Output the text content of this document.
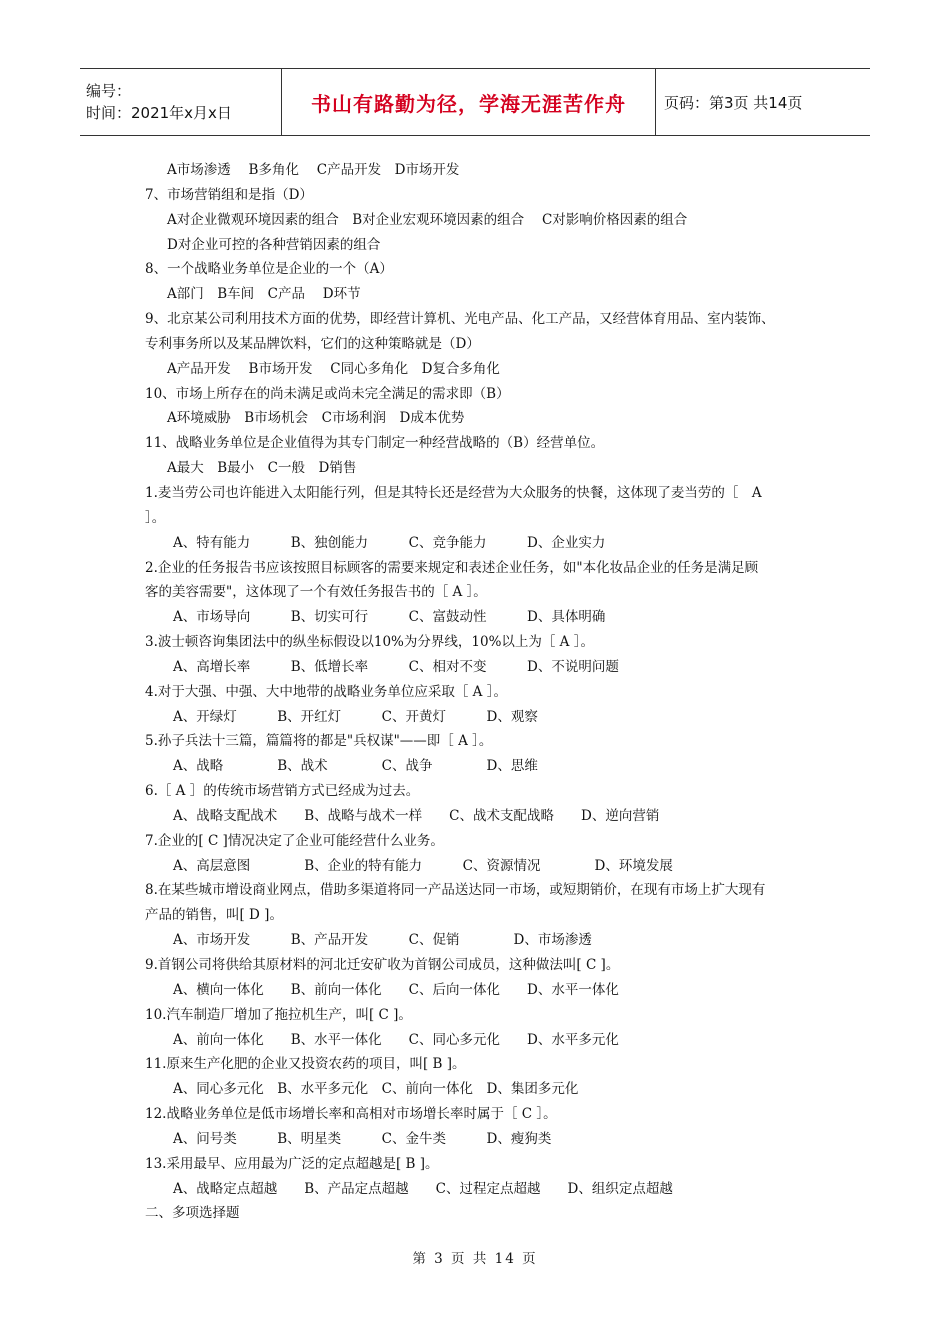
编号：
时间：2021年x月x日	书山有路勤为径，学海无涯苦作舟	页码：第3页 共14页
A市场渗透　 B多角化　 C产品开发　D市场开发
7、市场营销组和是指（D）
A对企业微观环境因素的组合　B对企业宏观环境因素的组合　 C对影响价格因素的组合
D对企业可控的各种营销因素的组合
8、一个战略业务单位是企业的一个（A）
A部门　B车间　C产品　 D环节
9、北京某公司利用技术方面的优势，即经营计算机、光电产品、化工产品，又经营体育用品、室内装饰、
专利事务所以及某品牌饮料，它们的这种策略就是（D）
A产品开发　 B市场开发　 C同心多角化　D复合多角化
10、市场上所存在的尚未满足或尚未完全满足的需求即（B）
A环境威胁　B市场机会　C市场利润　D成本优势
11、战略业务单位是企业值得为其专门制定一种经营战略的（B）经营单位。
A最大　B最小　C一般　D销售
1.麦当劳公司也许能进入太阳能行列，但是其特长还是经营为大众服务的快餐，这体现了麦当劳的［　A
］。
A、特有能力　　　B、独创能力　　　C、竞争能力　　　D、企业实力
2.企业的任务报告书应该按照目标顾客的需要来规定和表述企业任务，如"本化妆品企业的任务是满足顾
客的美容需要"，这体现了一个有效任务报告书的［ A ］。
A、市场导向　　　B、切实可行　　　C、富鼓动性　　　D、具体明确
3.波士顿咨询集团法中的纵坐标假设以10%为分界线，10%以上为［ A ］。
A、高增长率　　　B、低增长率　　　C、相对不变　　　D、不说明问题
4.对于大强、中强、大中地带的战略业务单位应采取［ A ］。
A、开绿灯　　　B、开红灯　　　C、开黄灯　　　D、观察
5.孙子兵法十三篇，篇篇将的都是"兵权谋"——即［ A ］。
A、战略　　　　B、战术　　　　C、战争　　　　D、思维
6.［ A ］的传统市场营销方式已经成为过去。
A、战略支配战术　　B、战略与战术一样　　C、战术支配战略　　D、逆向营销
7.企业的[ C ]情况决定了企业可能经营什么业务。
A、高层意图　　　　B、企业的特有能力　　　C、资源情况　　　　D、环境发展
8.在某些城市增设商业网点，借助多渠道将同一产品送达同一市场，或短期销价，在现有市场上扩大现有
产品的销售，叫[ D ]。
A、市场开发　　　B、产品开发　　　C、促销　　　　D、市场渗透
9.首钢公司将供给其原材料的河北迁安矿收为首钢公司成员，这种做法叫[ C ]。
A、横向一体化　　B、前向一体化　　C、后向一体化　　D、水平一体化
10.汽车制造厂增加了拖拉机生产，叫[ C ]。
A、前向一体化　　B、水平一体化　　C、同心多元化　　D、水平多元化
11.原来生产化肥的企业又投资农药的项目，叫[ B ]。
A、同心多元化　B、水平多元化　C、前向一体化　D、集团多元化
12.战略业务单位是低市场增长率和高相对市场增长率时属于［ C ］。
A、问号类　　　B、明星类　　　C、金牛类　　　D、瘦狗类
13.采用最早、应用最为广泛的定点超越是[ B ]。
A、战略定点超越　　B、产品定点超越　　C、过程定点超越　　D、组织定点超越
二、多项选择题
第 3 页 共 14 页
